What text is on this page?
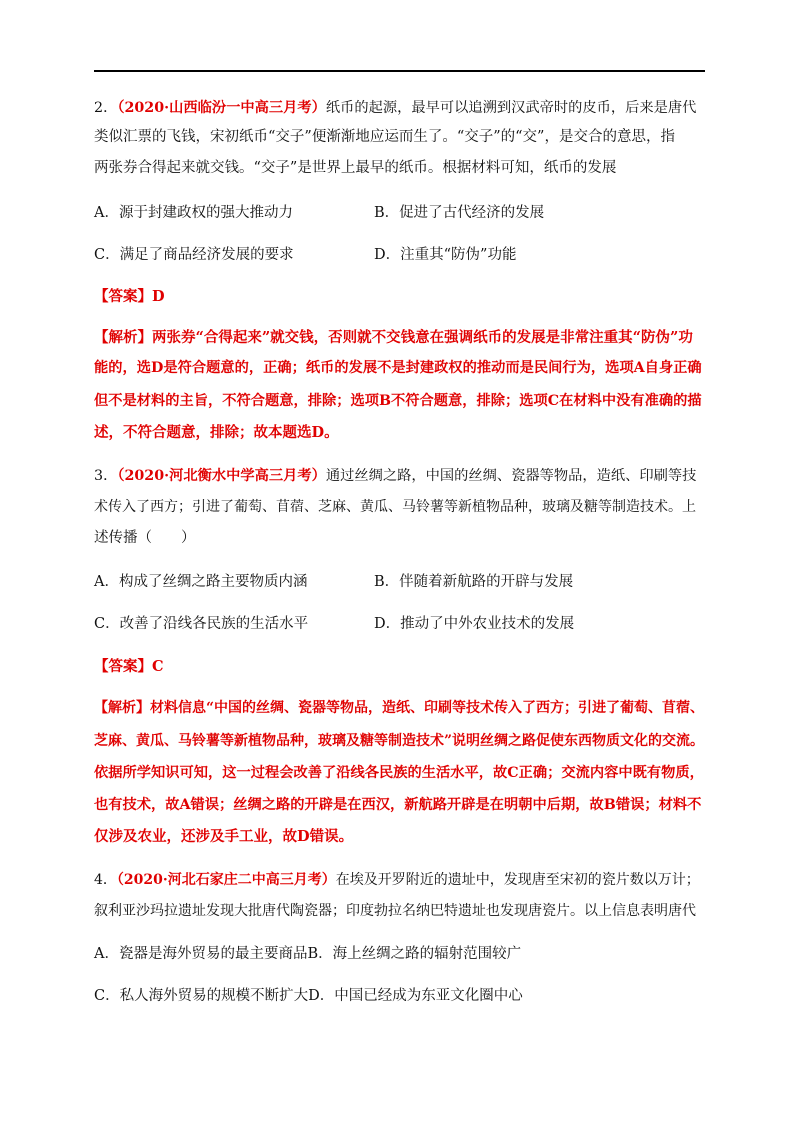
2．（2020·山西临汾一中高三月考）纸币的起源，最早可以追溯到汉武帝时的皮币，后来是唐代
类似汇票的飞钱，宋初纸币“交子”便渐渐地应运而生了。“交子”的“交”，是交合的意思，指
两张券合得起来就交钱。“交子”是世界上最早的纸币。根据材料可知，纸币的发展
A．源于封建政权的强大推动力	B．促进了古代经济的发展
C．满足了商品经济发展的要求	D．注重其“防伪”功能
【答案】D
【解析】两张券“合得起来”就交钱，否则就不交钱意在强调纸币的发展是非常注重其“防伪”功
能的，选D是符合题意的，正确；纸币的发展不是封建政权的推动而是民间行为，选项A自身正确
但不是材料的主旨，不符合题意，排除；选项B不符合题意，排除；选项C在材料中没有准确的描
述，不符合题意，排除；故本题选D。
3．（2020·河北衡水中学高三月考）通过丝绸之路，中国的丝绸、瓷器等物品，造纸、印刷等技
术传入了西方；引进了葡萄、苜蓿、芝麻、黄瓜、马铃薯等新植物品种，玻璃及糖等制造技术。上
述传播（　　）
A．构成了丝绸之路主要物质内涵	B．伴随着新航路的开辟与发展
C．改善了沿线各民族的生活水平	D．推动了中外农业技术的发展
【答案】C
【解析】材料信息“中国的丝绸、瓷器等物品，造纸、印刷等技术传入了西方；引进了葡萄、苜蓿、
芝麻、黄瓜、马铃薯等新植物品种，玻璃及糖等制造技术”说明丝绸之路促使东西物质文化的交流。
依据所学知识可知，这一过程会改善了沿线各民族的生活水平，故C正确；交流内容中既有物质，
也有技术，故A错误；丝绸之路的开辟是在西汉，新航路开辟是在明朝中后期，故B错误；材料不
仅涉及农业，还涉及手工业，故D错误。
4．（2020·河北石家庄二中高三月考）在埃及开罗附近的遗址中，发现唐至宋初的瓷片数以万计；
叙利亚沙玛拉遗址发现大批唐代陶瓷器；印度勃拉名纳巴特遗址也发现唐瓷片。以上信息表明唐代
A．瓷器是海外贸易的最主要商品B．海上丝绸之路的辐射范围较广
C．私人海外贸易的规模不断扩大D．中国已经成为东亚文化圈中心
